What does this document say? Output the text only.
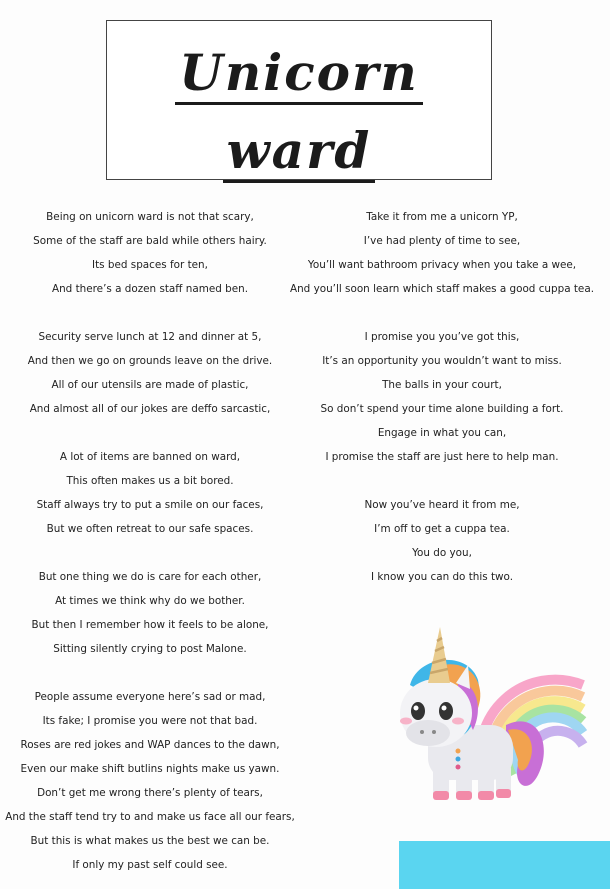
Unicorn
ward
Being on unicorn ward is not that scary,
Some of the staff are bald while others hairy.
Its bed spaces for ten,
And there’s a dozen staff named ben.
Security serve lunch at 12 and dinner at 5,
And then we go on grounds leave on the drive.
All of our utensils are made of plastic,
And almost all of our jokes are deffo sarcastic,
A lot of items are banned on ward,
This often makes us a bit bored.
Staff always try to put a smile on our faces,
But we often retreat to our safe spaces.
But one thing we do is care for each other,
At times we think why do we bother.
But then I remember how it feels to be alone,
Sitting silently crying to post Malone.
People assume everyone here’s sad or mad,
Its fake; I promise you were not that bad.
Roses are red jokes and WAP dances to the dawn,
Even our make shift butlins nights make us yawn.
Don’t get me wrong there’s plenty of tears,
And the staff tend try to and make us face all our fears,
But this is what makes us the best we can be.
If only my past self could see.
Take it from me a unicorn YP,
I’ve had plenty of time to see,
You’ll want bathroom privacy when you take a wee,
And you’ll soon learn which staff makes a good cuppa tea.
I promise you you’ve got this,
It’s an opportunity you wouldn’t want to miss.
The balls in your court,
So don’t spend your time alone building a fort.
Engage in what you can,
I promise the staff are just here to help man.
Now you’ve heard it from me,
I’m off to get a cuppa tea.
You do you,
I know you can do this two.
